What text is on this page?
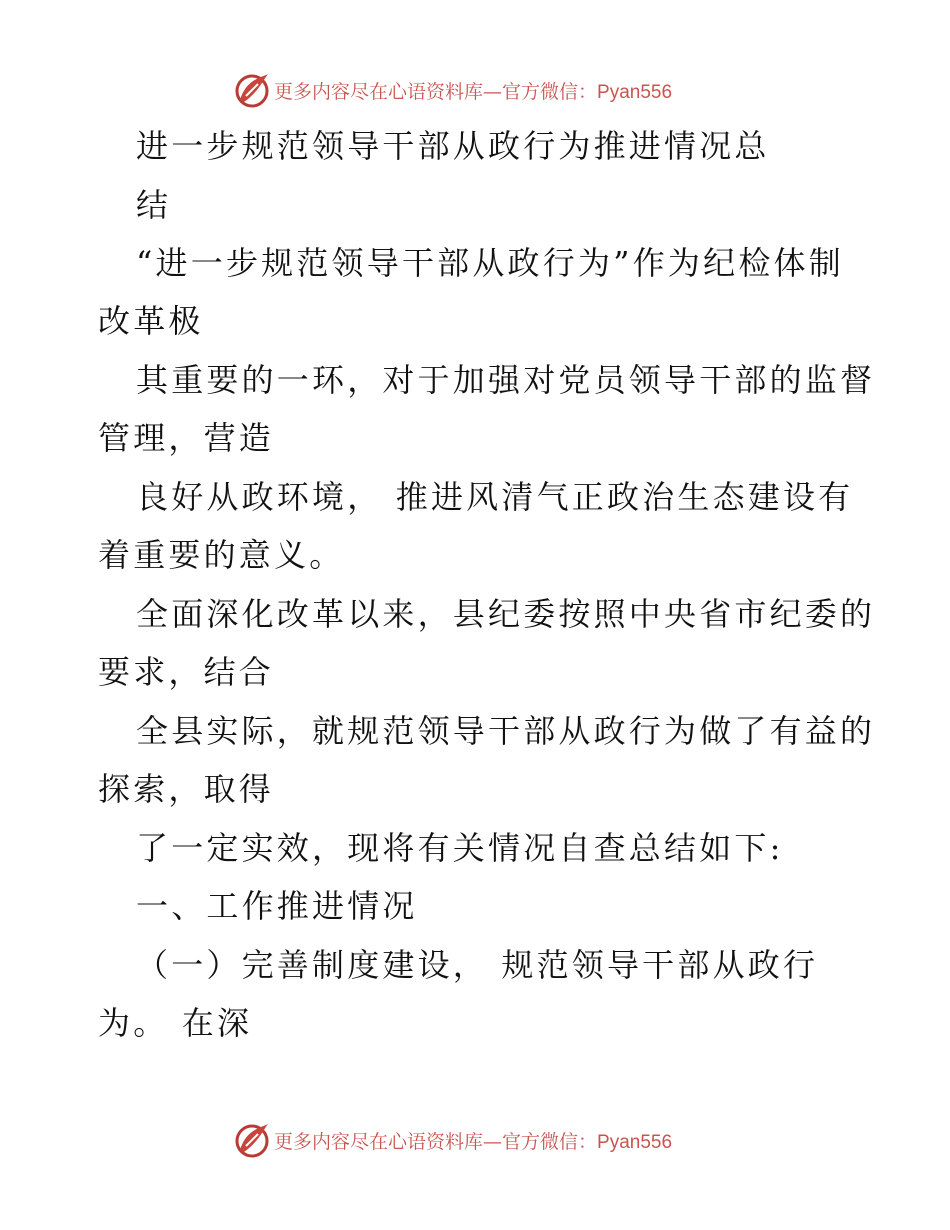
更多内容尽在心语资料库—官方微信：Pyan556
进一步规范领导干部从政行为推进情况总
结
“进一步规范领导干部从政行为”作为纪检体制
改革极
其重要的一环，对于加强对党员领导干部的监督
管理，营造
良好从政环境， 推进风清气正政治生态建设有
着重要的意义。
全面深化改革以来，县纪委按照中央省市纪委的
要求，结合
全县实际，就规范领导干部从政行为做了有益的
探索，取得
了一定实效，现将有关情况自查总结如下:
一、工作推进情况
（一）完善制度建设， 规范领导干部从政行
为。 在深
更多内容尽在心语资料库—官方微信：Pyan556
